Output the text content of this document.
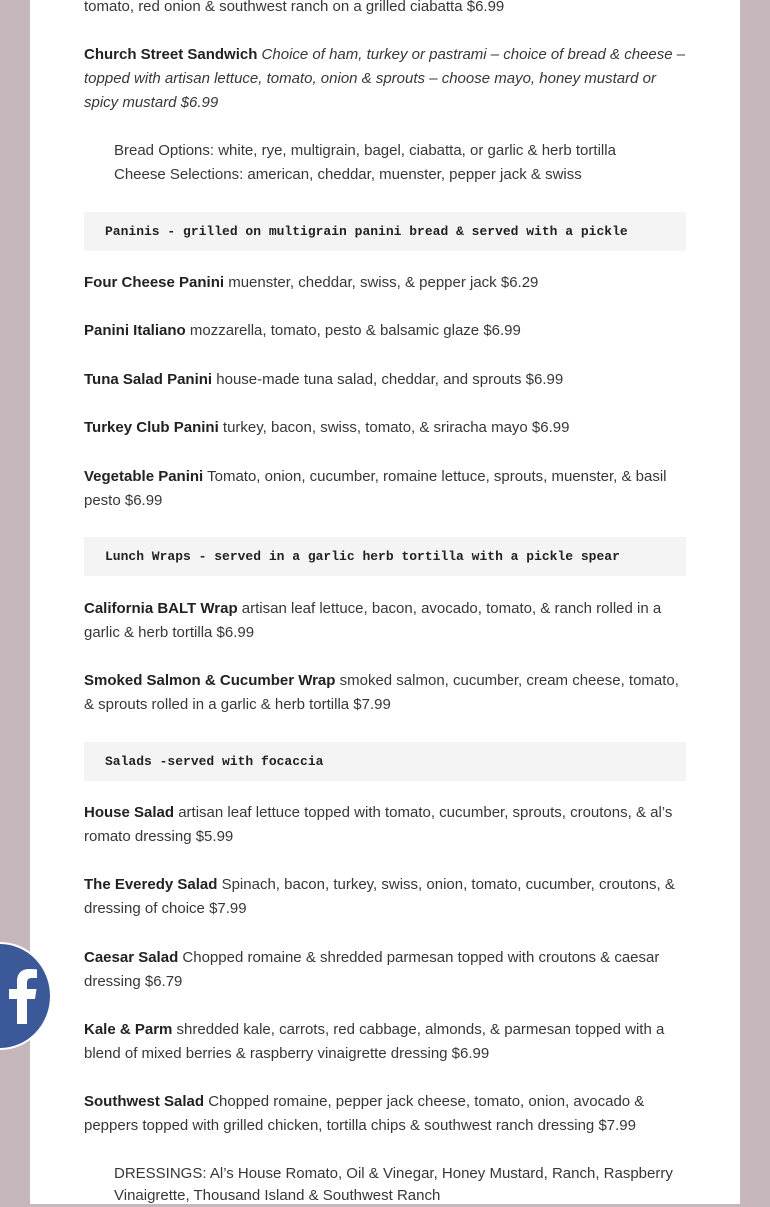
tomato, red onion & southwest ranch on a grilled ciabatta $6.99
Church Street Sandwich Choice of ham, turkey or pastrami – choice of bread & cheese – topped with artisan lettuce, tomato, onion & sprouts – choose mayo, honey mustard or spicy mustard $6.99
Bread Options: white, rye, multigrain, bagel, ciabatta, or garlic & herb tortilla
Cheese Selections: american, cheddar, muenster, pepper jack & swiss
Paninis - grilled on multigrain panini bread & served with a pickle
Four Cheese Panini muenster, cheddar, swiss, & pepper jack $6.29
Panini Italiano mozzarella, tomato, pesto & balsamic glaze $6.99
Tuna Salad Panini house-made tuna salad, cheddar, and sprouts $6.99
Turkey Club Panini turkey, bacon, swiss, tomato, & sriracha mayo $6.99
Vegetable Panini Tomato, onion, cucumber, romaine lettuce, sprouts, muenster, & basil pesto $6.99
Lunch Wraps - served in a garlic herb tortilla with a pickle spear
California BALT Wrap artisan leaf lettuce, bacon, avocado, tomato, & ranch rolled in a garlic & herb tortilla $6.99
Smoked Salmon & Cucumber Wrap smoked salmon, cucumber, cream cheese, tomato, & sprouts rolled in a garlic & herb tortilla $7.99
Salads -served with focaccia
House Salad artisan leaf lettuce topped with tomato, cucumber, sprouts, croutons, & al’s romato dressing $5.99
The Everedy Salad Spinach, bacon, turkey, swiss, onion, tomato, cucumber, croutons, & dressing of choice $7.99
Caesar Salad Chopped romaine & shredded parmesan topped with croutons & caesar dressing $6.79
Kale & Parm shredded kale, carrots, red cabbage, almonds, & parmesan topped with a blend of mixed berries & raspberry vinaigrette dressing $6.99
Southwest Salad Chopped romaine, pepper jack cheese, tomato, onion, avocado & peppers topped with grilled chicken, tortilla chips & southwest ranch dressing $7.99
DRESSINGS: Al’s House Romato, Oil & Vinegar, Honey Mustard, Ranch, Raspberry Vinaigrette, Thousand Island & Southwest Ranch
